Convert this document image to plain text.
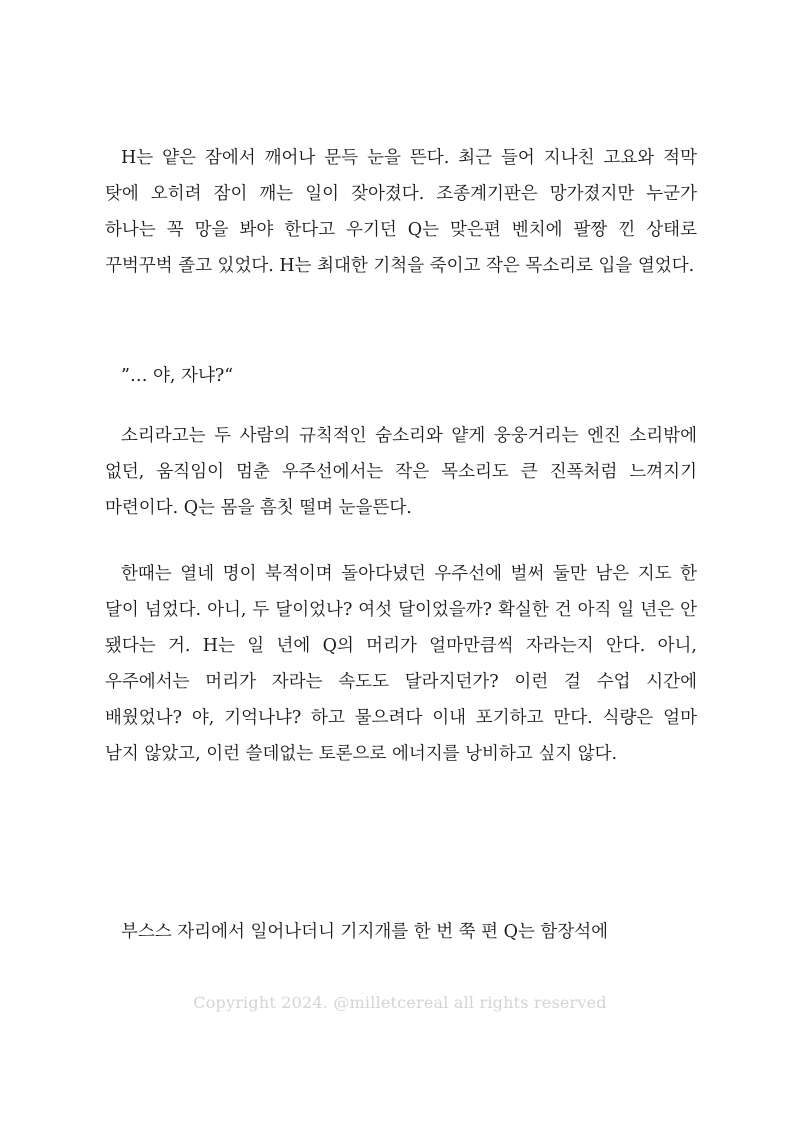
H는 얕은 잠에서 깨어나 문득 눈을 뜬다. 최근 들어 지나친 고요와 적막 탓에 오히려 잠이 깨는 일이 잦아졌다. 조종계기판은 망가졌지만 누군가 하나는 꼭 망을 봐야 한다고 우기던 Q는 맞은편 벤치에 팔짱 낀 상태로 꾸벅꾸벅 졸고 있었다. H는 최대한 기척을 죽이고 작은 목소리로 입을 열었다.

”… 야, 자냐?“

소리라고는 두 사람의 규칙적인 숨소리와 얕게 웅웅거리는 엔진 소리밖에 없던, 움직임이 멈춘 우주선에서는 작은 목소리도 큰 진폭처럼 느껴지기 마련이다. Q는 몸을 흠칫 떨며 눈을뜬다.

한때는 열네 명이 북적이며 돌아다녔던 우주선에 벌써 둘만 남은 지도 한 달이 넘었다. 아니, 두 달이었나? 여섯 달이었을까? 확실한 건 아직 일 년은 안 됐다는 거. H는 일 년에 Q의 머리가 얼마만큼씩 자라는지 안다. 아니, 우주에서는 머리가 자라는 속도도 달라지던가? 이런 걸 수업 시간에 배웠었나? 야, 기억나냐? 하고 물으려다 이내 포기하고 만다. 식량은 얼마 남지 않았고, 이런 쓸데없는 토론으로 에너지를 낭비하고 싶지 않다.

부스스 자리에서 일어나더니 기지개를 한 번 쭉 편 Q는 함장석에

Copyright 2024. @milletcereal all rights reserved
